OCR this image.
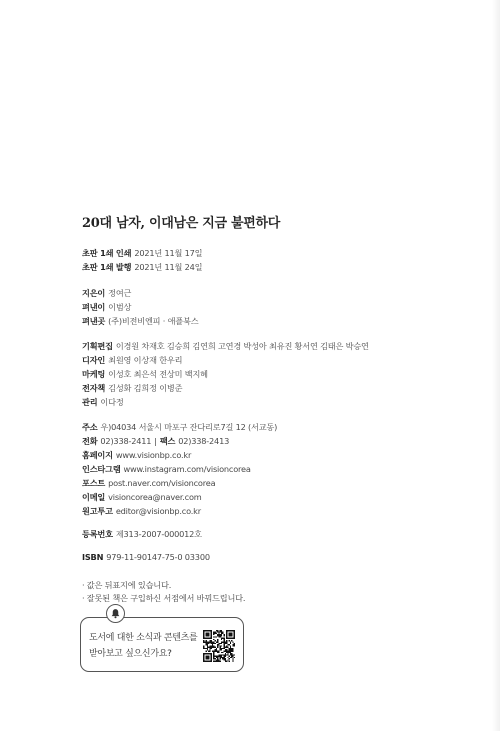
20대 남자, 이대남은 지금 불편하다
초판 1쇄 인쇄 2021년 11월 17일
초판 1쇄 발행 2021년 11월 24일
지은이 정여근
펴낸이 이범상
펴낸곳 (주)비전비엔피 · 애플북스
기획편집 이경원 차재호 김승희 김연희 고연경 박성아 최유진 황서연 김태은 박승연
디자인 최원영 이상재 한우리
마케팅 이성호 최은석 전상미 백지혜
전자책 김성화 김희정 이병준
관리 이다정
주소 우)04034 서울시 마포구 잔다리로7길 12 (서교동)
전화 02)338-2411 | 팩스 02)338-2413
홈페이지 www.visionbp.co.kr
인스타그램 www.instagram.com/visioncorea
포스트 post.naver.com/visioncorea
이메일 visioncorea@naver.com
원고투고 editor@visionbp.co.kr
등록번호 제313-2007-000012호
ISBN 979-11-90147-75-0 03300
· 값은 뒤표지에 있습니다.
· 잘못된 책은 구입하신 서점에서 바꿔드립니다.
도서에 대한 소식과 콘텐츠를
받아보고 싶으신가요?
